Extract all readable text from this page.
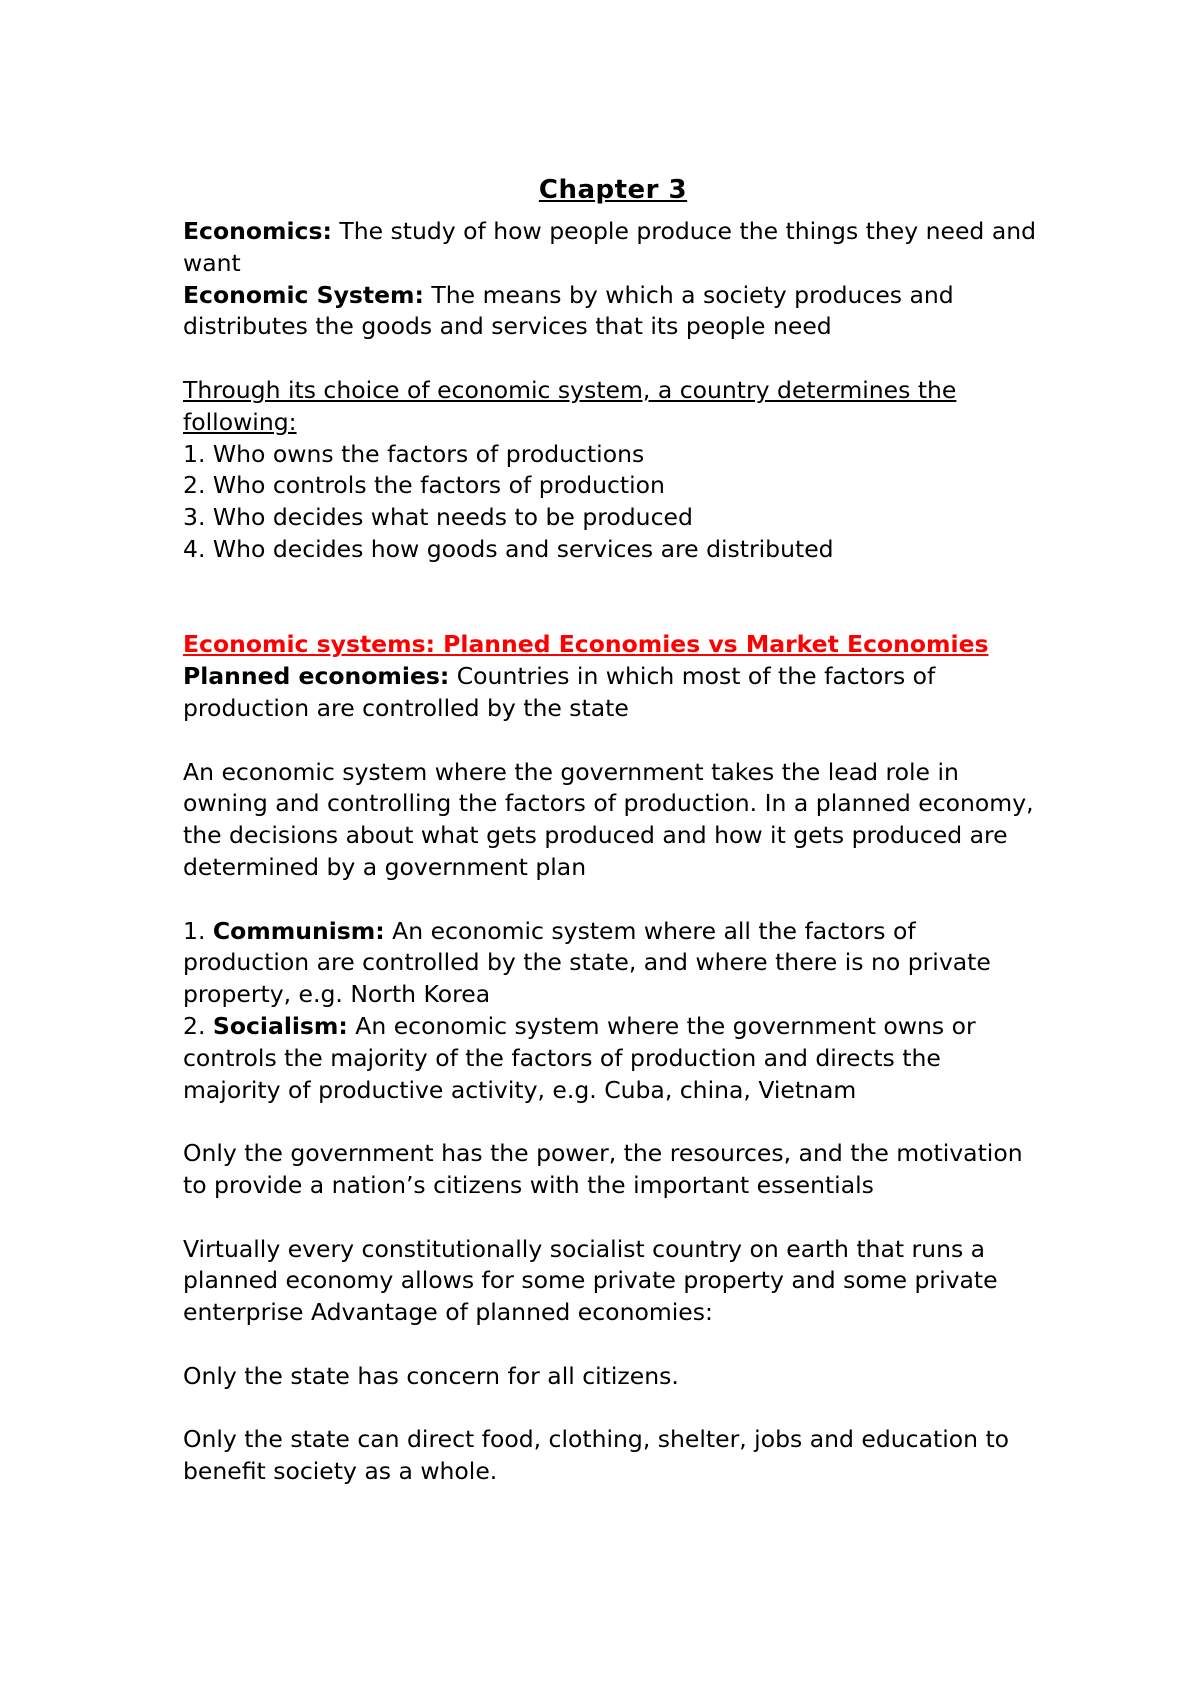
Chapter 3

Economics: The study of how people produce the things they need and want

Economic System: The means by which a society produces and distributes the goods and services that its people need

Through its choice of economic system, a country determines the following:

1. Who owns the factors of productions

2. Who controls the factors of production

3. Who decides what needs to be produced

4. Who decides how goods and services are distributed

Economic systems: Planned Economies vs Market Economies

Planned economies: Countries in which most of the factors of production are controlled by the state

An economic system where the government takes the lead role in owning and controlling the factors of production. In a planned economy, the decisions about what gets produced and how it gets produced are determined by a government plan

1. Communism: An economic system where all the factors of production are controlled by the state, and where there is no private property, e.g. North Korea

2. Socialism: An economic system where the government owns or controls the majority of the factors of production and directs the majority of productive activity, e.g. Cuba, china, Vietnam

Only the government has the power, the resources, and the motivation to provide a nation’s citizens with the important essentials

Virtually every constitutionally socialist country on earth that runs a planned economy allows for some private property and some private enterprise Advantage of planned economies:

Only the state has concern for all citizens.

Only the state can direct food, clothing, shelter, jobs and education to benefit society as a whole.
